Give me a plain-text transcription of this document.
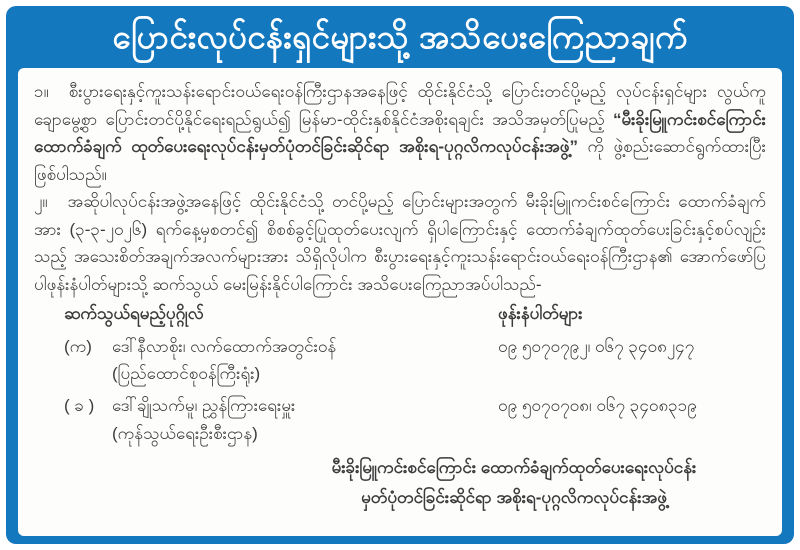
ပြောင်းလုပ်ငန်းရှင်များသို့ အသိပေးကြေညာချက်

၁။ စီးပွားရေးနှင့်ကူးသန်းရောင်းဝယ်ရေးဝန်ကြီးဌာနအနေဖြင့် ထိုင်းနိုင်ငံသို့ ပြောင်းတင်ပို့မည့် လုပ်ငန်းရှင်များ လွယ်ကူချောမွေ့စွာ ပြောင်းတင်ပို့နိုင်ရေးရည်ရွယ်၍ မြန်မာ-ထိုင်းနှစ်နိုင်ငံအစိုးရချင်း အသိအမှတ်ပြုမည့် “မီးခိုးမြူကင်းစင်ကြောင်း ထောက်ခံချက် ထုတ်ပေးရေးလုပ်ငန်းမှတ်ပုံတင်ခြင်းဆိုင်ရာ အစိုးရ-ပုဂ္ဂလိကလုပ်ငန်းအဖွဲ့” ကို ဖွဲ့စည်းဆောင်ရွက်ထားပြီး ဖြစ်ပါသည်။

၂။ အဆိုပါလုပ်ငန်းအဖွဲ့အနေဖြင့် ထိုင်းနိုင်ငံသို့ တင်ပို့မည့် ပြောင်းများအတွက် မီးခိုးမြူကင်းစင်ကြောင်း ထောက်ခံချက်အား (၃-၃-၂၀၂၆) ရက်နေ့မှစတင်၍ စိစစ်ခွင့်ပြုထုတ်ပေးလျက် ရှိပါကြောင်းနှင့် ထောက်ခံချက်ထုတ်ပေးခြင်းနှင့်စပ်လျဉ်းသည့် အသေးစိတ်အချက်အလက်များအား သိရှိလိုပါက စီးပွားရေးနှင့်ကူးသန်းရောင်းဝယ်ရေးဝန်ကြီးဌာန၏ အောက်ဖော်ပြပါဖုန်းနံပါတ်များသို့ ဆက်သွယ် မေးမြန်းနိုင်ပါကြောင်း အသိပေးကြေညာအပ်ပါသည်-

ဆက်သွယ်ရမည့်ပုဂ္ဂိုလ်	ဖုန်းနံပါတ်များ
(က)	ဒေါ်နီလာစိုး၊ လက်ထောက်အတွင်းဝန်	၀၉ ၅၀၇၀၇၉၂၊ ၀၆၇ ၃၄၀၈၂၄၇
(ပြည်ထောင်စုဝန်ကြီးရုံး)
( ခ )	ဒေါ်ချိုသက်မူ၊ ညွှန်ကြားရေးမှူး	၀၉ ၅၀၇၀၇၀၈၊ ၀၆၇ ၃၄၀၈၃၁၉
(ကုန်သွယ်ရေးဦးစီးဌာန)
မီးခိုးမြူကင်းစင်ကြောင်း ထောက်ခံချက်ထုတ်ပေးရေးလုပ်ငန်း
မှတ်ပုံတင်ခြင်းဆိုင်ရာ အစိုးရ-ပုဂ္ဂလိကလုပ်ငန်းအဖွဲ့
